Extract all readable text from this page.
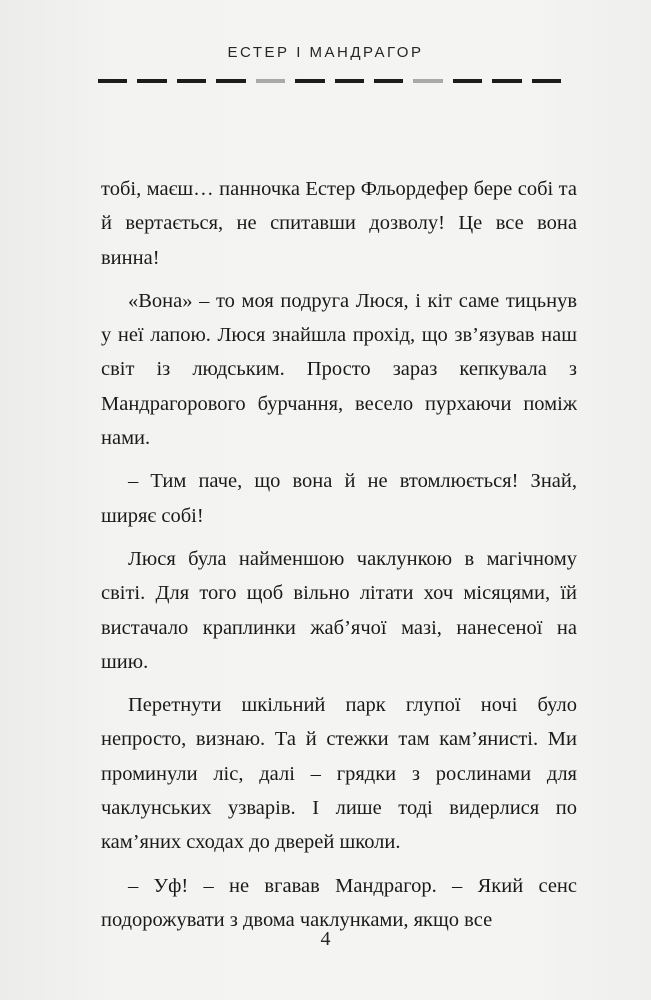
ЕСТЕР І МАНДРАГОР

тобі, маєш… панночка Естер Фльордефер бере собі та й вертається, не спитавши дозволу! Це все вона винна!

«Вона» – то моя подруга Люся, і кіт саме тицьнув у неї лапою. Люся знайшла прохід, що зв’язував наш світ із людським. Просто зараз кепкувала з Мандрагорового бурчання, весело пурхаючи поміж нами.

– Тим паче, що вона й не втомлюється! Знай, ширяє собі!

Люся була найменшою чаклункою в магічному світі. Для того щоб вільно літати хоч місяцями, їй вистачало краплинки жаб’ячої мазі, нанесеної на шию.

Перетнути шкільний парк глупої ночі було непросто, визнаю. Та й стежки там кам’янисті. Ми проминули ліс, далі – грядки з рослинами для чаклунських узварів. І лише тоді видерлися по кам’яних сходах до дверей школи.

– Уф! – не вгавав Мандрагор. – Який сенс подорожувати з двома чаклунками, якщо все

4
